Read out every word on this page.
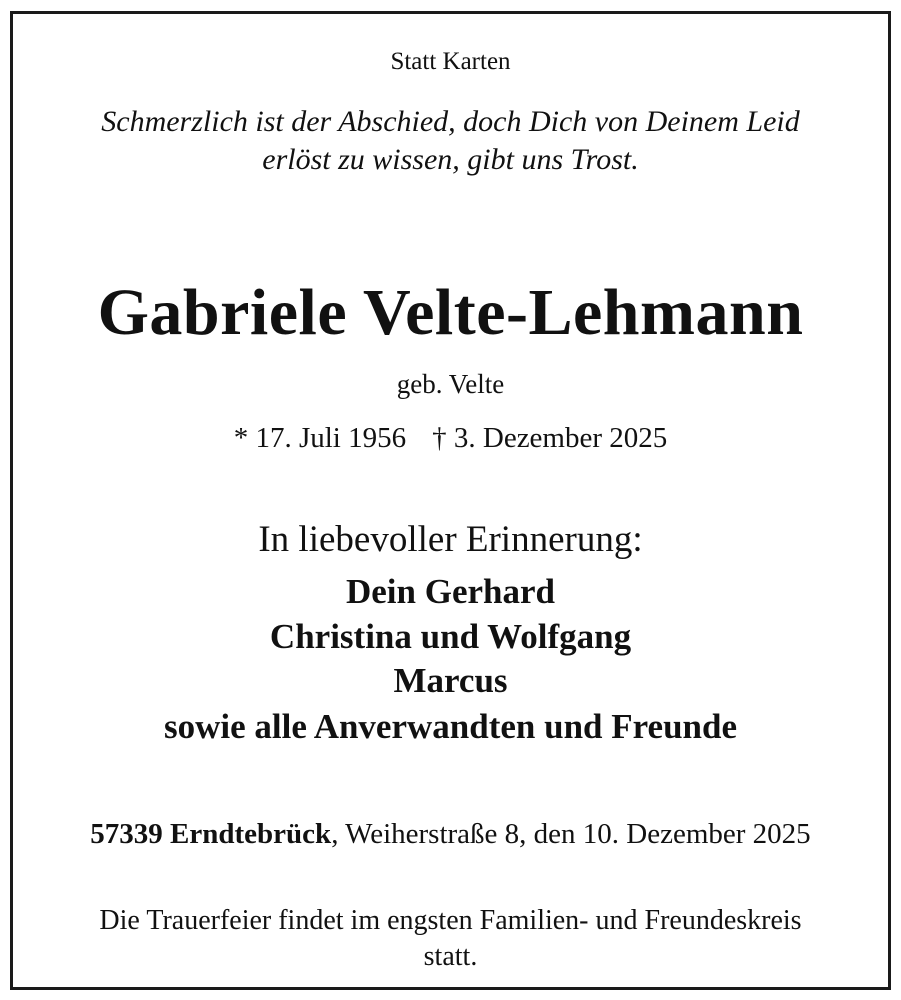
Statt Karten
Schmerzlich ist der Abschied, doch Dich von Deinem Leid
erlöst zu wissen, gibt uns Trost.
Gabriele Velte-Lehmann
geb. Velte
* 17. Juli 1956 † 3. Dezember 2025
In liebevoller Erinnerung:
Dein Gerhard
Christina und Wolfgang
Marcus
sowie alle Anverwandten und Freunde
57339 Erndtebrück, Weiherstraße 8, den 10. Dezember 2025
Die Trauerfeier findet im engsten Familien- und Freundeskreis
statt.
